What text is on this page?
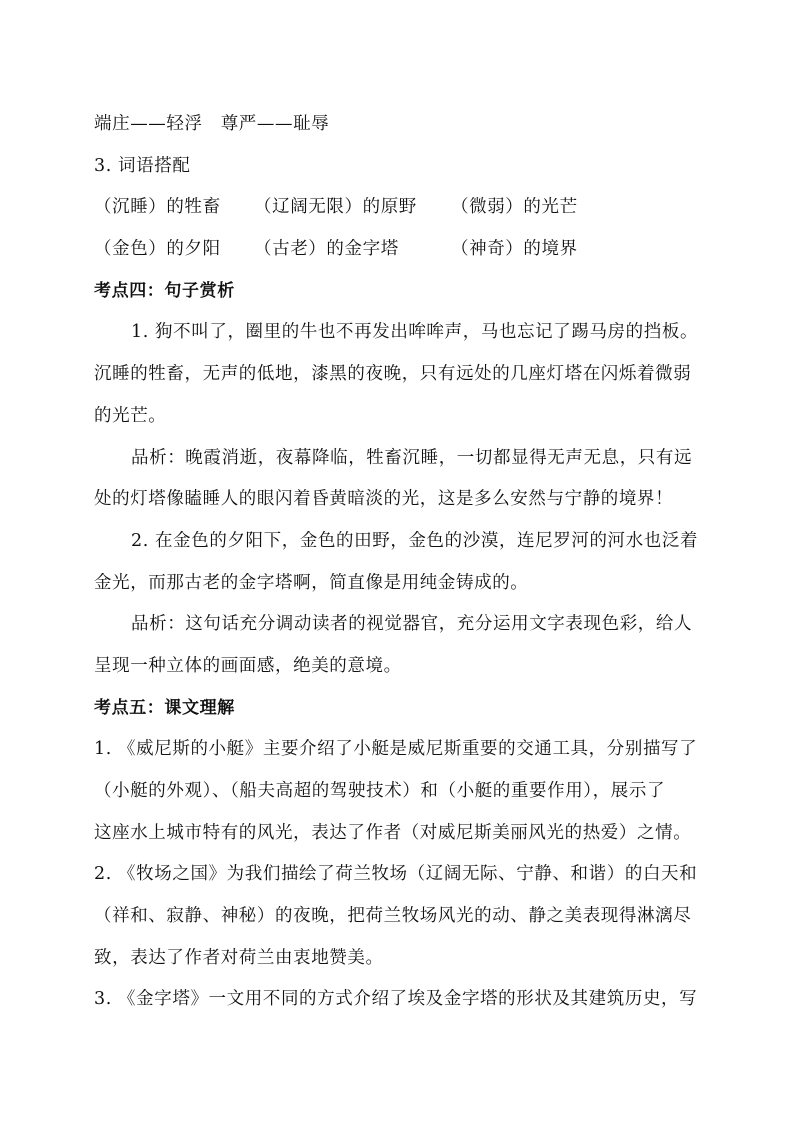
端庄——轻浮　尊严——耻辱
3. 词语搭配
（沉睡）的牲畜	（辽阔无限）的原野	（微弱）的光芒
（金色）的夕阳	（古老）的金字塔	（神奇）的境界
考点四：句子赏析
1. 狗不叫了，圈里的牛也不再发出哞哞声，马也忘记了踢马房的挡板。
沉睡的牲畜，无声的低地，漆黑的夜晚，只有远处的几座灯塔在闪烁着微弱
的光芒。
品析：晚霞消逝，夜幕降临，牲畜沉睡，一切都显得无声无息，只有远
处的灯塔像瞌睡人的眼闪着昏黄暗淡的光，这是多么安然与宁静的境界！
2. 在金色的夕阳下，金色的田野，金色的沙漠，连尼罗河的河水也泛着
金光，而那古老的金字塔啊，简直像是用纯金铸成的。
品析：这句话充分调动读者的视觉器官，充分运用文字表现色彩，给人
呈现一种立体的画面感，绝美的意境。
考点五：课文理解
1. 《威尼斯的小艇》主要介绍了小艇是威尼斯重要的交通工具，分别描写了
（小艇的外观）、（船夫高超的驾驶技术）和（小艇的重要作用），展示了
这座水上城市特有的风光，表达了作者（对威尼斯美丽风光的热爱）之情。
2. 《牧场之国》为我们描绘了荷兰牧场（辽阔无际、宁静、和谐）的白天和
（祥和、寂静、神秘）的夜晚，把荷兰牧场风光的动、静之美表现得淋漓尽
致，表达了作者对荷兰由衷地赞美。
3. 《金字塔》一文用不同的方式介绍了埃及金字塔的形状及其建筑历史，写
